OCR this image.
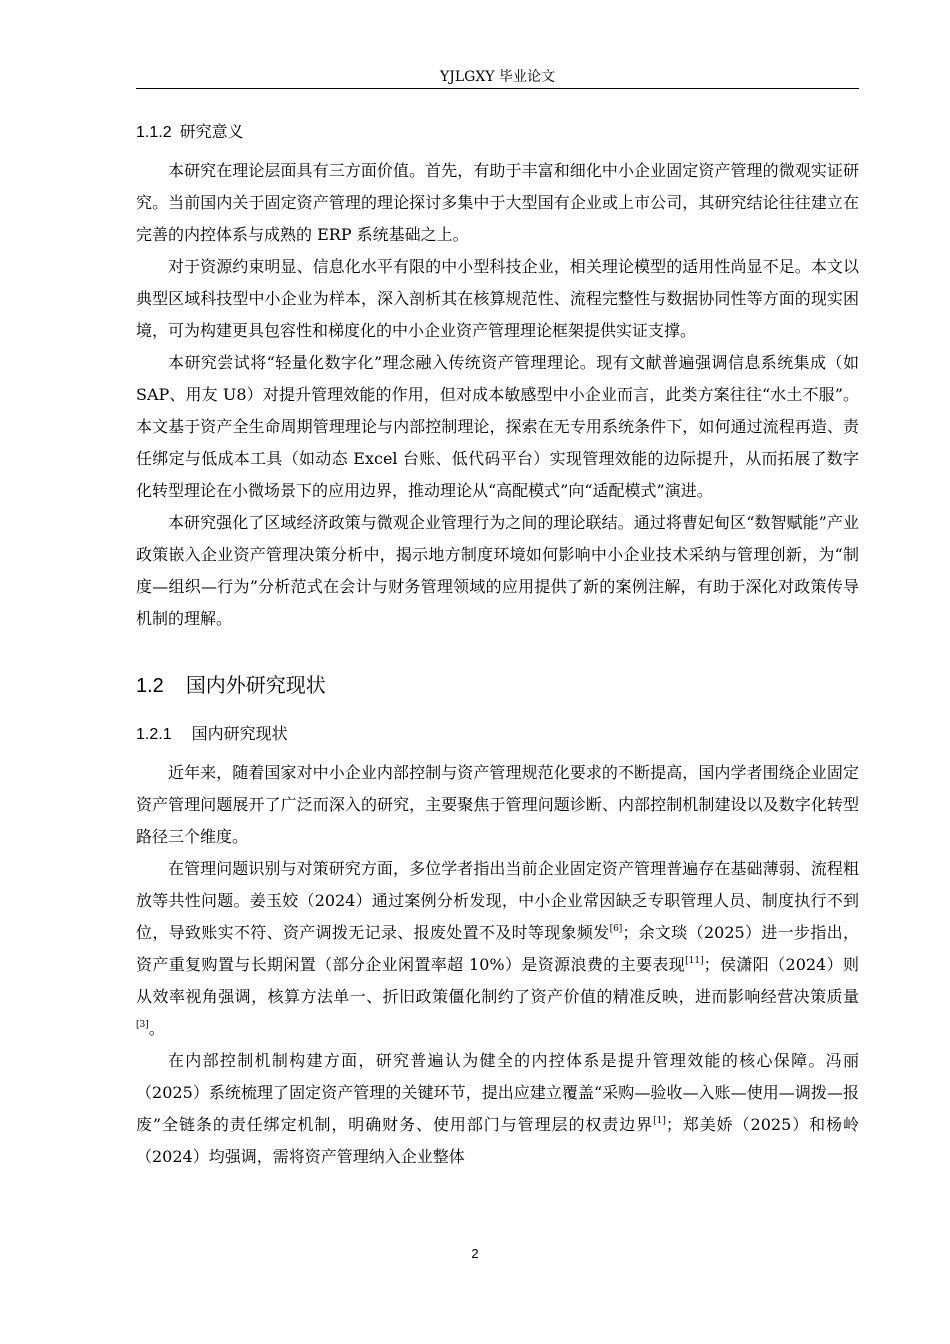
YJLGXY 毕业论文
1.1.2 研究意义

本研究在理论层面具有三方面价值。首先，有助于丰富和细化中小企业固定资产管理的微观实证研究。当前国内关于固定资产管理的理论探讨多集中于大型国有企业或上市公司，其研究结论往往建立在完善的内控体系与成熟的 ERP 系统基础之上。

对于资源约束明显、信息化水平有限的中小型科技企业，相关理论模型的适用性尚显不足。本文以典型区域科技型中小企业为样本，深入剖析其在核算规范性、流程完整性与数据协同性等方面的现实困境，可为构建更具包容性和梯度化的中小企业资产管理理论框架提供实证支撑。

本研究尝试将“轻量化数字化”理念融入传统资产管理理论。现有文献普遍强调信息系统集成（如 SAP、用友 U8）对提升管理效能的作用，但对成本敏感型中小企业而言，此类方案往往“水土不服”。本文基于资产全生命周期管理理论与内部控制理论，探索在无专用系统条件下，如何通过流程再造、责任绑定与低成本工具（如动态 Excel 台账、低代码平台）实现管理效能的边际提升，从而拓展了数字化转型理论在小微场景下的应用边界，推动理论从“高配模式”向“适配模式”演进。

本研究强化了区域经济政策与微观企业管理行为之间的理论联结。通过将曹妃甸区“数智赋能”产业政策嵌入企业资产管理决策分析中，揭示地方制度环境如何影响中小企业技术采纳与管理创新，为“制度—组织—行为”分析范式在会计与财务管理领域的应用提供了新的案例注解，有助于深化对政策传导机制的理解。

1.2 国内外研究现状
1.2.1 国内研究现状

近年来，随着国家对中小企业内部控制与资产管理规范化要求的不断提高，国内学者围绕企业固定资产管理问题展开了广泛而深入的研究，主要聚焦于管理问题诊断、内部控制机制建设以及数字化转型路径三个维度。

在管理问题识别与对策研究方面，多位学者指出当前企业固定资产管理普遍存在基础薄弱、流程粗放等共性问题。姜玉姣（2024）通过案例分析发现，中小企业常因缺乏专职管理人员、制度执行不到位，导致账实不符、资产调拨无记录、报废处置不及时等现象频发[6]；余文琰（2025）进一步指出，资产重复购置与长期闲置（部分企业闲置率超 10%）是资源浪费的主要表现[11]；侯潇阳（2024）则从效率视角强调，核算方法单一、折旧政策僵化制约了资产价值的精准反映，进而影响经营决策质量[3]。

在内部控制机制构建方面，研究普遍认为健全的内控体系是提升管理效能的核心保障。冯丽（2025）系统梳理了固定资产管理的关键环节，提出应建立覆盖“采购—验收—入账—使用—调拨—报废”全链条的责任绑定机制，明确财务、使用部门与管理层的权责边界[1]；郑美娇（2025）和杨岭（2024）均强调，需将资产管理纳入企业整体

2
